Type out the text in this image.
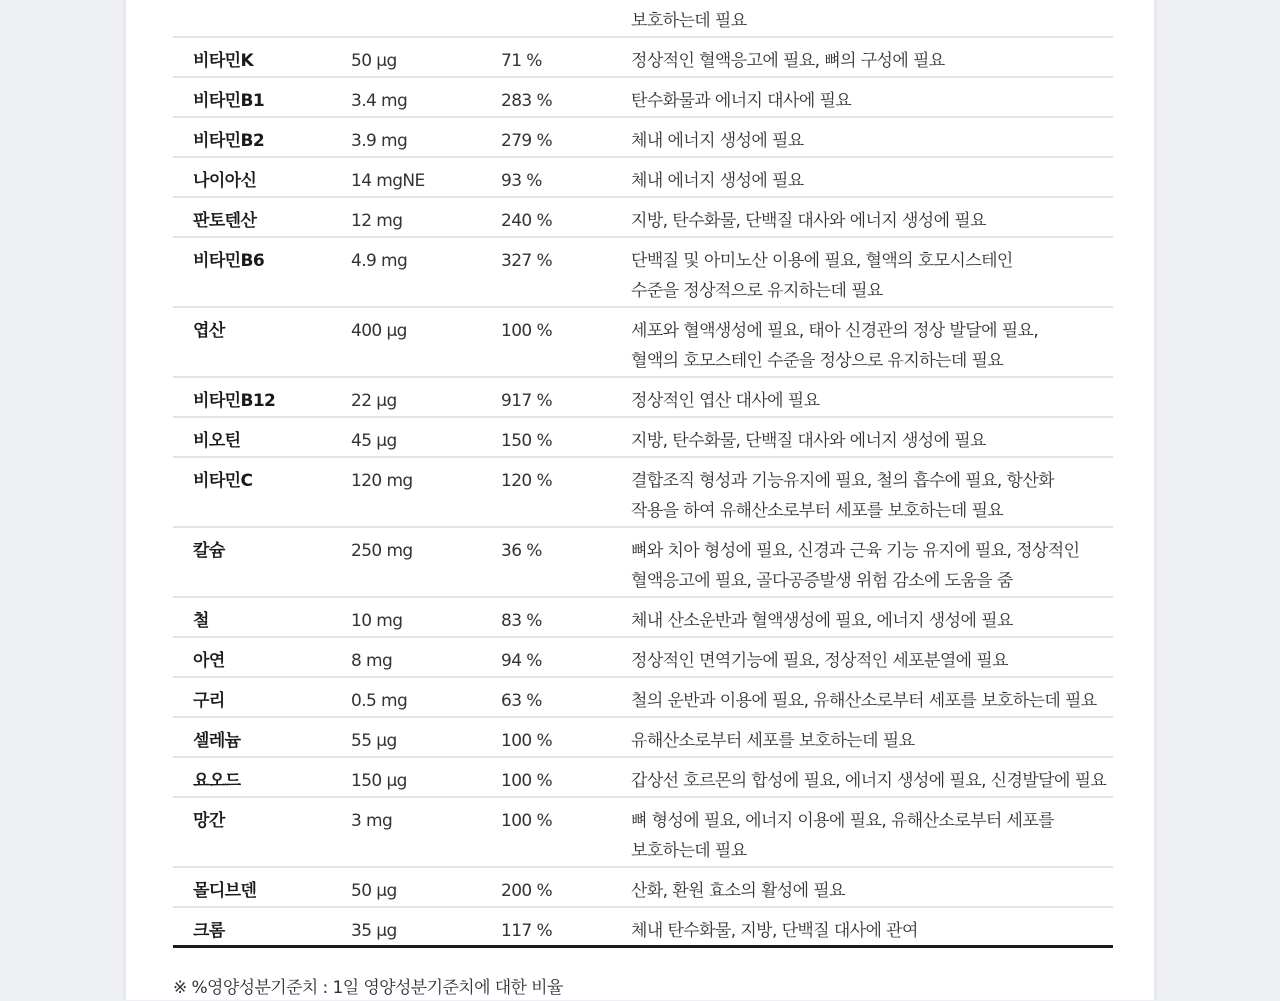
보호하는데 필요
비타민K	50 μg	71 %	정상적인 혈액응고에 필요, 뼈의 구성에 필요
비타민B1	3.4 mg	283 %	탄수화물과 에너지 대사에 필요
비타민B2	3.9 mg	279 %	체내 에너지 생성에 필요
나이아신	14 mgNE	93 %	체내 에너지 생성에 필요
판토텐산	12 mg	240 %	지방, 탄수화물, 단백질 대사와 에너지 생성에 필요
비타민B6	4.9 mg	327 %	단백질 및 아미노산 이용에 필요, 혈액의 호모시스테인
수준을 정상적으로 유지하는데 필요
엽산	400 μg	100 %	세포와 혈액생성에 필요, 태아 신경관의 정상 발달에 필요,
혈액의 호모스테인 수준을 정상으로 유지하는데 필요
비타민B12	22 μg	917 %	정상적인 엽산 대사에 필요
비오틴	45 μg	150 %	지방, 탄수화물, 단백질 대사와 에너지 생성에 필요
비타민C	120 mg	120 %	결합조직 형성과 기능유지에 필요, 철의 흡수에 필요, 항산화
작용을 하여 유해산소로부터 세포를 보호하는데 필요
칼슘	250 mg	36 %	뼈와 치아 형성에 필요, 신경과 근육 기능 유지에 필요, 정상적인
혈액응고에 필요, 골다공증발생 위험 감소에 도움을 줌
철	10 mg	83 %	체내 산소운반과 혈액생성에 필요, 에너지 생성에 필요
아연	8 mg	94 %	정상적인 면역기능에 필요, 정상적인 세포분열에 필요
구리	0.5 mg	63 %	철의 운반과 이용에 필요, 유해산소로부터 세포를 보호하는데 필요
셀레늄	55 μg	100 %	유해산소로부터 세포를 보호하는데 필요
요오드	150 μg	100 %	갑상선 호르몬의 합성에 필요, 에너지 생성에 필요, 신경발달에 필요
망간	3 mg	100 %	뼈 형성에 필요, 에너지 이용에 필요, 유해산소로부터 세포를
보호하는데 필요
몰디브덴	50 μg	200 %	산화, 환원 효소의 활성에 필요
크롬	35 μg	117 %	체내 탄수화물, 지방, 단백질 대사에 관여
※ %영양성분기준치 : 1일 영양성분기준치에 대한 비율
